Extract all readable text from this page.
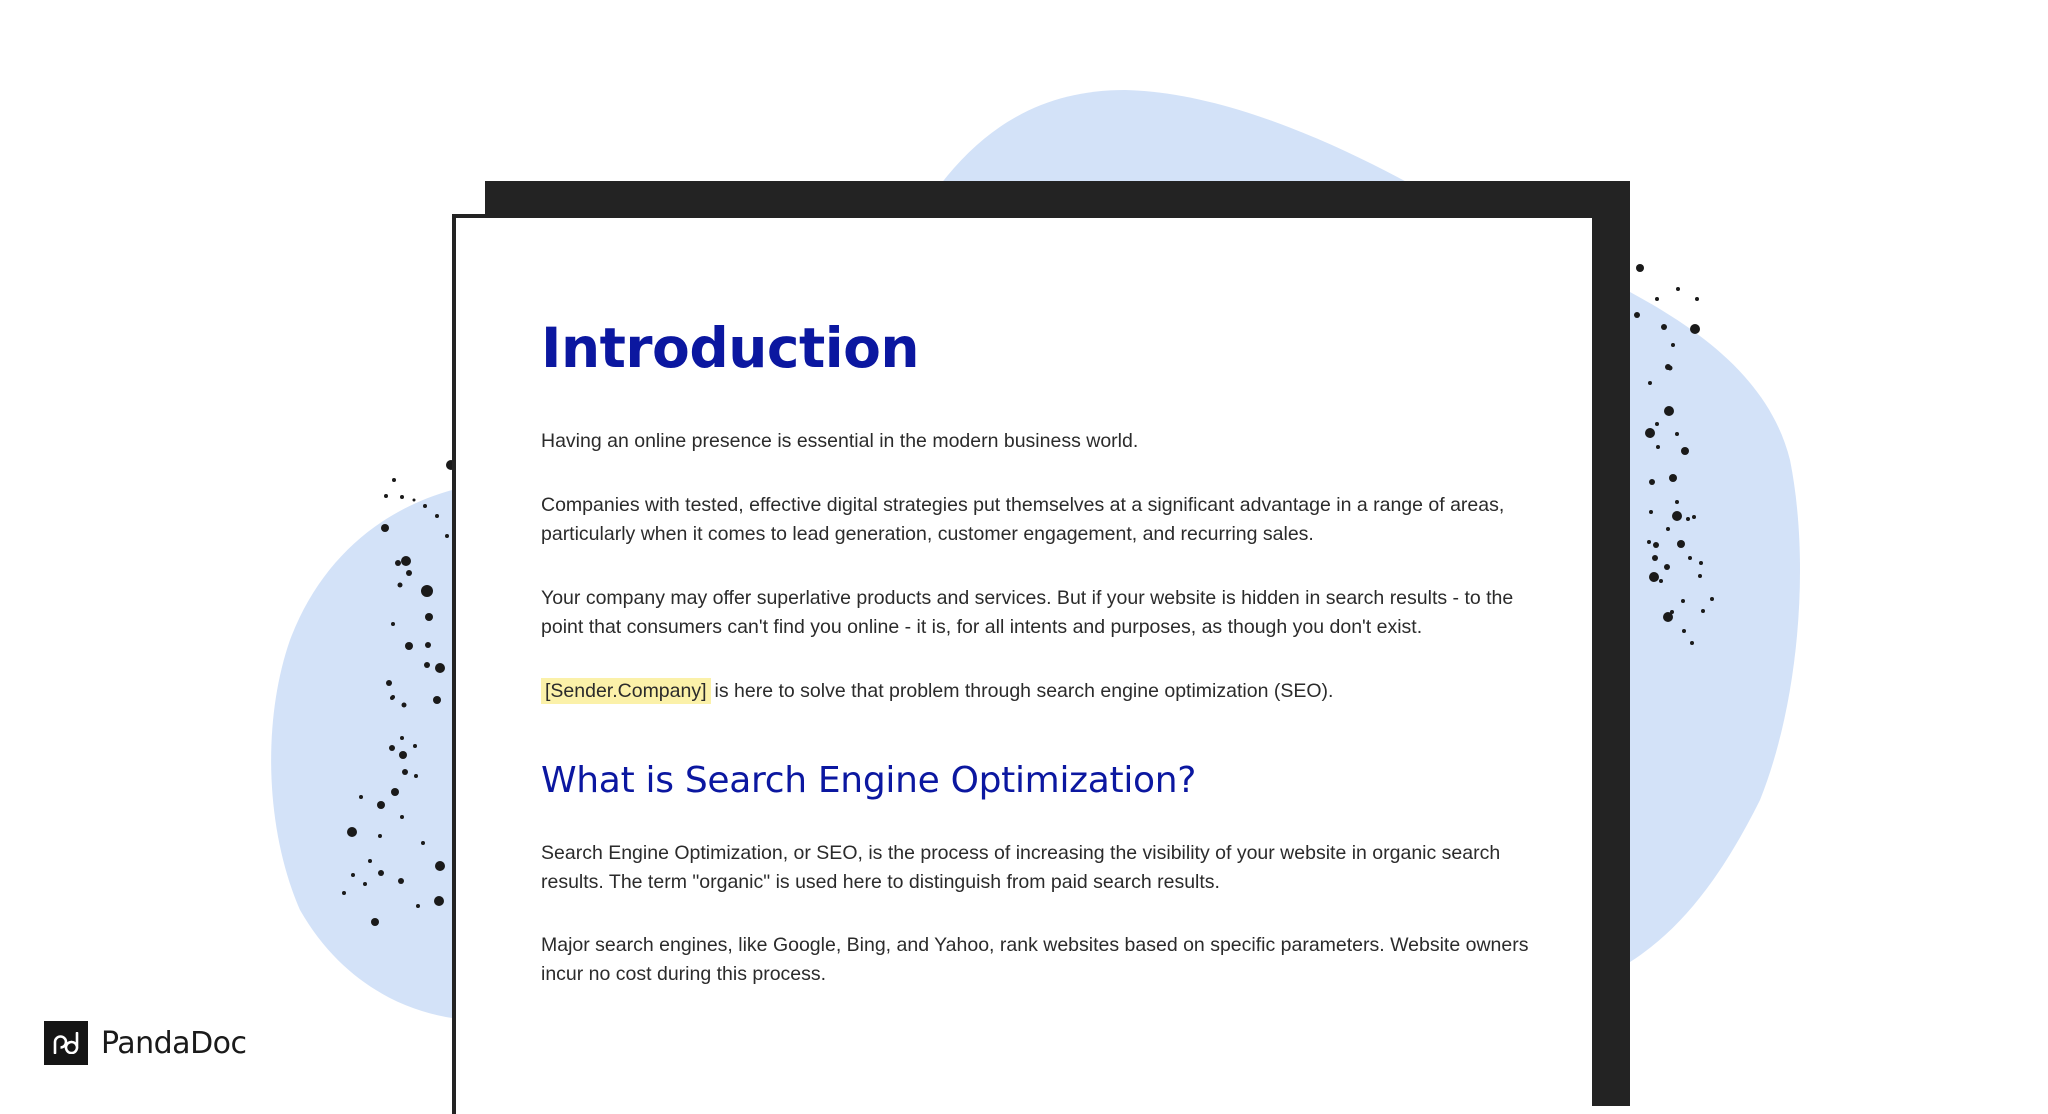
Introduction

Having an online presence is essential in the modern business world.

Companies with tested, effective digital strategies put themselves at a significant advantage in a range of areas, particularly when it comes to lead generation, customer engagement, and recurring sales.

Your company may offer superlative products and services. But if your website is hidden in search results - to the point that consumers can't find you online - it is, for all intents and purposes, as though you don't exist.

[Sender.Company] is here to solve that problem through search engine optimization (SEO).

What is Search Engine Optimization?

Search Engine Optimization, or SEO, is the process of increasing the visibility of your website in organic search results. The term "organic" is used here to distinguish from paid search results.

Major search engines, like Google, Bing, and Yahoo, rank websites based on specific parameters. Website owners incur no cost during this process.

PandaDoc
